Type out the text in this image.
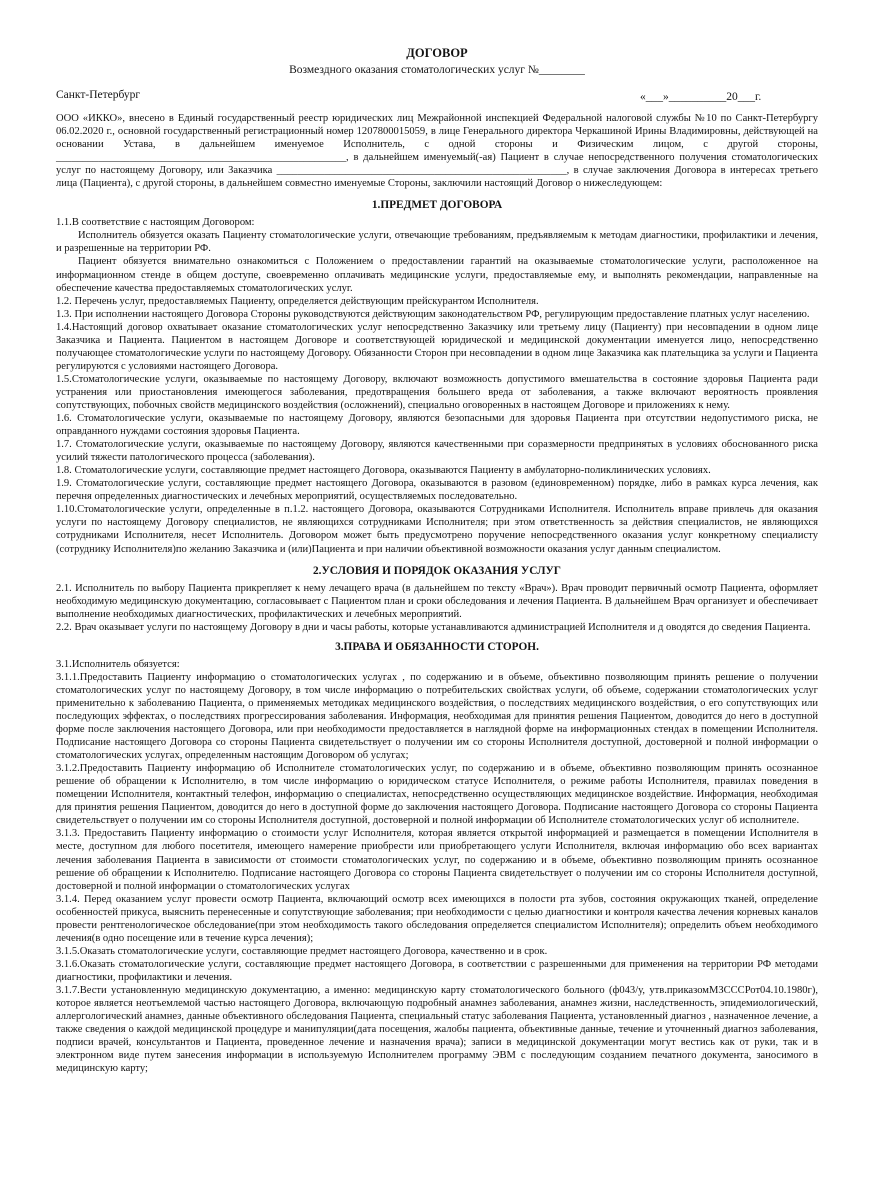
ДОГОВОР
Возмездного оказания стоматологических услуг №________
Санкт-Петербург	«___»__________20___г.

ООО «ИККО», внесено в Единый государственный реестр юридических лиц Межрайонной инспекцией Федеральной налоговой службы №10 по Санкт-Петербургу 06.02.2020 г., основной государственный регистрационный номер 1207800015059, в лице Генерального директора Черкашиной Ирины Владимировны, действующей на основании Устава, в дальнейшем именуемое Исполнитель, с одной стороны и Физическим лицом, с другой стороны, _______________________________________________________, в дальнейшем именуемый(-ая) Пациент в случае непосредственного получения стоматологических услуг по настоящему Договору, или Заказчика _______________________________________________________, в случае заключения Договора в интересах третьего лица (Пациента), с другой стороны, в дальнейшем совместно именуемые Стороны, заключили настоящий Договор о нижеследующем:

1.ПРЕДМЕТ ДОГОВОРА

1.1.В соответствие с настоящим Договором:

Исполнитель обязуется оказать Пациенту стоматологические услуги, отвечающие требованиям, предъявляемым к методам диагностики, профилактики и лечения, и разрешенные на территории РФ.

Пациент обязуется внимательно ознакомиться с Положением о предоставлении гарантий на оказываемые стоматологические услуги, расположенное на информационном стенде в общем доступе, своевременно оплачивать медицинские услуги, предоставляемые ему, и выполнять рекомендации, направленные на обеспечение качества предоставляемых стоматологических услуг.

1.2. Перечень услуг, предоставляемых Пациенту, определяется действующим прейскурантом Исполнителя.

1.3. При исполнении настоящего Договора Стороны руководствуются действующим законодательством РФ, регулирующим предоставление платных услуг населению.

1.4.Настоящий договор охватывает оказание стоматологических услуг непосредственно Заказчику или третьему лицу (Пациенту) при несовпадении в одном лице Заказчика и Пациента. Пациентом в настоящем Договоре и соответствующей юридической и медицинской документации именуется лицо, непосредственно получающее стоматологические услуги по настоящему Договору. Обязанности Сторон при несовпадении в одном лице Заказчика как плательщика за услуги и Пациента регулируются с условиями настоящего Договора.

1.5.Стоматологические услуги, оказываемые по настоящему Договору, включают возможность допустимого вмешательства в состояние здоровья Пациента ради устранения или приостановления имеющегося заболевания, предотвращения большего вреда от заболевания, а также включают вероятность проявления сопутствующих, побочных свойств медицинского воздействия (осложнений), специально оговоренных в настоящем Договоре и приложениях к нему.

1.6. Стоматологические услуги, оказываемые по настоящему Договору, являются безопасными для здоровья Пациента при отсутствии недопустимого риска, не оправданного нуждами состояния здоровья Пациента.

1.7. Стоматологические услуги, оказываемые по настоящему Договору, являются качественными при соразмерности предпринятых в условиях обоснованного риска усилий тяжести патологического процесса (заболевания).

1.8. Стоматологические услуги, составляющие предмет настоящего Договора, оказываются Пациенту в амбулаторно-поликлинических условиях.

1.9. Стоматологические услуги, составляющие предмет настоящего Договора, оказываются в разовом (единовременном) порядке, либо в рамках курса лечения, как перечня определенных диагностических и лечебных мероприятий, осуществляемых последовательно.

1.10.Стоматологические услуги, определенные в п.1.2. настоящего Договора, оказываются Сотрудниками Исполнителя. Исполнитель вправе привлечь для оказания услуги по настоящему Договору специалистов, не являющихся сотрудниками Исполнителя; при этом ответственность за действия специалистов, не являющихся сотрудниками Исполнителя, несет Исполнитель. Договором может быть предусмотрено поручение непосредственного оказания услуг конкретному специалисту (сотруднику Исполнителя)по желанию Заказчика и (или)Пациента и при наличии объективной возможности оказания услуг данным специалистом.

2.УСЛОВИЯ И ПОРЯДОК ОКАЗАНИЯ УСЛУГ

2.1. Исполнитель по выбору Пациента прикрепляет к нему лечащего врача (в дальнейшем по тексту «Врач»). Врач проводит первичный осмотр Пациента, оформляет необходимую медицинскую документацию, согласовывает с Пациентом план и сроки обследования и лечения Пациента. В дальнейшем Врач организует и обеспечивает выполнение необходимых диагностических, профилактических и лечебных мероприятий.

2.2. Врач оказывает услуги по настоящему Договору в дни и часы работы, которые устанавливаются администрацией Исполнителя и д оводятся до сведения Пациента.

3.ПРАВА И ОБЯЗАННОСТИ СТОРОН.

3.1.Исполнитель обязуется:

3.1.1.Предоставить Пациенту информацию о стоматологических услугах , по содержанию и в объеме, объективно позволяющим принять решение о получении стоматологических услуг по настоящему Договору, в том числе информацию о потребительских свойствах услуги, об объеме, содержании стоматологических услуг применительно к заболеванию Пациента, о применяемых методиках медицинского воздействия, о последствиях медицинского воздействия, о его сопутствующих или последующих эффектах, о последствиях прогрессирования заболевания. Информация, необходимая для принятия решения Пациентом, доводится до него в доступной форме после заключения настоящего Договора, или при необходимости предоставляется в наглядной форме на информационных стендах в помещении Исполнителя. Подписание настоящего Договора со стороны Пациента свидетельствует о получении им со стороны Исполнителя доступной, достоверной и полной информации о стоматологических услугах, определенным настоящим Договором об услугах;

3.1.2.Предоставить Пациенту информацию об Исполнителе стоматологических услуг, по содержанию и в объеме, объективно позволяющим принять осознанное решение об обращении к Исполнителю, в том числе информацию о юридическом статусе Исполнителя, о режиме работы Исполнителя, правилах поведения в помещении Исполнителя, контактный телефон, информацию о специалистах, непосредственно осуществляющих медицинское воздействие. Информация, необходимая для принятия решения Пациентом, доводится до него в доступной форме до заключения настоящего Договора. Подписание настоящего Договора со стороны Пациента свидетельствует о получении им со стороны Исполнителя доступной, достоверной и полной информации об Исполнителе стоматологических услуг об исполнителе.

3.1.3. Предоставить Пациенту информацию о стоимости услуг Исполнителя, которая является открытой информацией и размещается в помещении Исполнителя в месте, доступном для любого посетителя, имеющего намерение приобрести или приобретающего услуги Исполнителя, включая информацию обо всех вариантах лечения заболевания Пациента в зависимости от стоимости стоматологических услуг, по содержанию и в объеме, объективно позволяющим принять осознанное решение об обращении к Исполнителю. Подписание настоящего Договора со стороны Пациента свидетельствует о получении им со стороны Исполнителя доступной, достоверной и полной информации о стоматологических услугах

3.1.4. Перед оказанием услуг провести осмотр Пациента, включающий осмотр всех имеющихся в полости рта зубов, состояния окружающих тканей, определение особенностей прикуса, выяснить перенесенные и сопутствующие заболевания; при необходимости с целью диагностики и контроля качества лечения корневых каналов провести рентгенологическое обследование(при этом необходимость такого обследования определяется специалистом Исполнителя); определить объем необходимого лечения(в одно посещение или в течение курса лечения);

3.1.5.Оказать стоматологические услуги, составляющие предмет настоящего Договора, качественно и в срок.

3.1.6.Оказать стоматологические услуги, составляющие предмет настоящего Договора, в соответствии с разрешенными для применения на территории РФ методами диагностики, профилактики и лечения.

3.1.7.Вести установленную медицинскую документацию, а именно: медицинскую карту стоматологического больного (ф043/у, утв.приказомМЗСССРот04.10.1980г), которое является неотъемлемой частью настоящего Договора, включающую подробный анамнез заболевания, анамнез жизни, наследственность, эпидемиологический, аллергологический анамнез, данные объективного обследования Пациента, специальный статус заболевания Пациента, установленный диагноз , назначенное лечение, а также сведения о каждой медицинской процедуре и манипуляции(дата посещения, жалобы пациента, объективные данные, течение и уточненный диагноз заболевания, подписи врачей, консультантов и Пациента, проведенное лечение и назначения врача); записи в медицинской документации могут вестись как от руки, так и в электронном виде путем занесения информации в используемую Исполнителем программу ЭВМ с последующим созданием печатного документа, заносимого в медицинскую карту;
